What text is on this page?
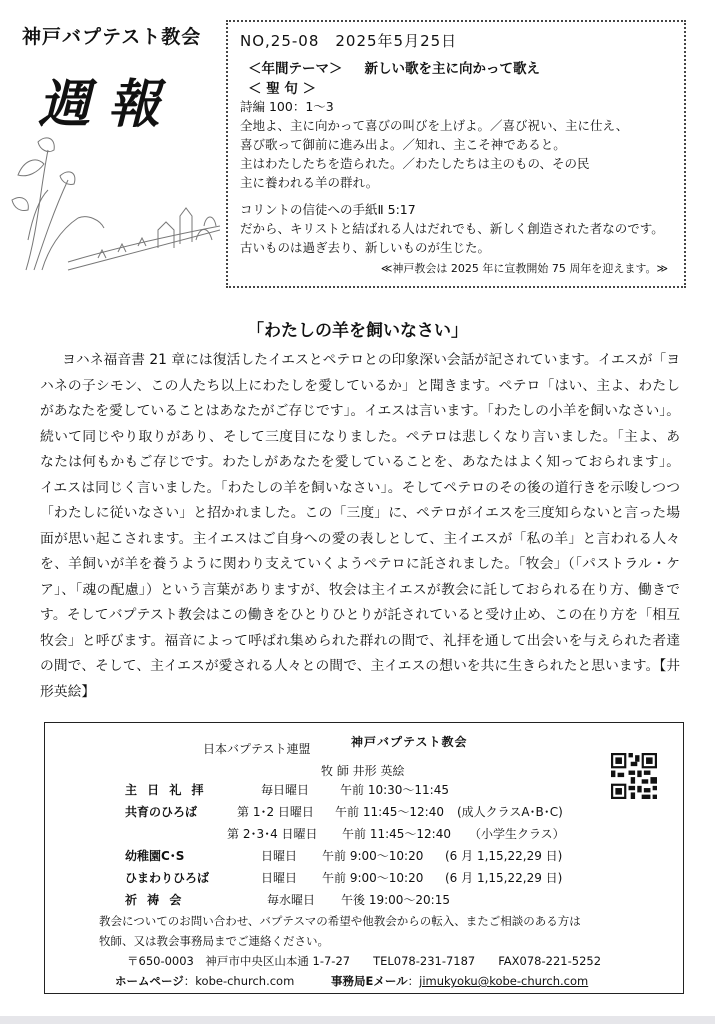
神戸バプテスト教会
週報
NO,25-08　2025年5月25日
＜年間テーマ＞ 新しい歌を主に向かって歌え
＜ 聖 句 ＞
詩編 100：1～3
全地よ、主に向かって喜びの叫びを上げよ。／喜び祝い、主に仕え、
喜び歌って御前に進み出よ。／知れ、主こそ神であると。
主はわたしたちを造られた。／わたしたちは主のもの、その民
主に養われる羊の群れ。
コリントの信徒への手紙Ⅱ 5:17
だから、キリストと結ばれる人はだれでも、新しく創造された者なのです。
古いものは過ぎ去り、新しいものが生じた。
≪神戸教会は 2025 年に宣教開始 75 周年を迎えます。≫
「わたしの羊を飼いなさい」
ヨハネ福音書 21 章には復活したイエスとペテロとの印象深い会話が記されています。イエスが「ヨハネの子シモン、この人たち以上にわたしを愛しているか」と聞きます。ペテロ「はい、主よ、わたしがあなたを愛していることはあなたがご存じです」。イエスは言います。「わたしの小羊を飼いなさい」。続いて同じやり取りがあり、そして三度目になりました。ペテロは悲しくなり言いました。「主よ、あなたは何もかもご存じです。わたしがあなたを愛していることを、あなたはよく知っておられます」。イエスは同じく言いました。「わたしの羊を飼いなさい」。そしてペテロのその後の道行きを示唆しつつ「わたしに従いなさい」と招かれました。この「三度」に、ペテロがイエスを三度知らないと言った場面が思い起こされます。主イエスはご自身への愛の表しとして、主イエスが「私の羊」と言われる人々を、羊飼いが羊を養うように関わり支えていくようペテロに託されました。「牧会」（「パストラル・ケア」、「魂の配慮」）という言葉がありますが、牧会は主イエスが教会に託しておられる在り方、働きです。そしてバプテスト教会はこの働きをひとりひとりが託されていると受け止め、この在り方を「相互牧会」と呼びます。福音によって呼ばれ集められた群れの間で、礼拝を通して出会いを与えられた者達の間で、そして、主イエスが愛される人々との間で、主イエスの想いを共に生きられたと思います。【井形英絵】
日本バプテスト連盟	神戸バプテスト教会
牧 師 井形 英絵
主 日 礼 拝	毎日曜日	午前 10:30～11:45
共育のひろば	第 1･2 日曜日 午前 11:45～12:40 (成人クラスA･B･C)
第 2･3･4 日曜日 午前 11:45～12:40 （小学生クラス）
幼稚園C･S	日曜日 午前 9:00～10:20 (6 月 1,15,22,29 日)
ひまわりひろば	日曜日 午前 9:00～10:20 (6 月 1,15,22,29 日)
祈 祷 会	毎水曜日 午後 19:00～20:15
教会についてのお問い合わせ、バプテスマの希望や他教会からの転入、またご相談のある方は
牧師、又は教会事務局までご連絡ください。
〒650-0003　神戸市中央区山本通 1-7-27　　TEL078-231-7187　　FAX078-221-5252
ホームページ：kobe-church.com	事務局Eメール：jimukyoku@kobe-church.com
